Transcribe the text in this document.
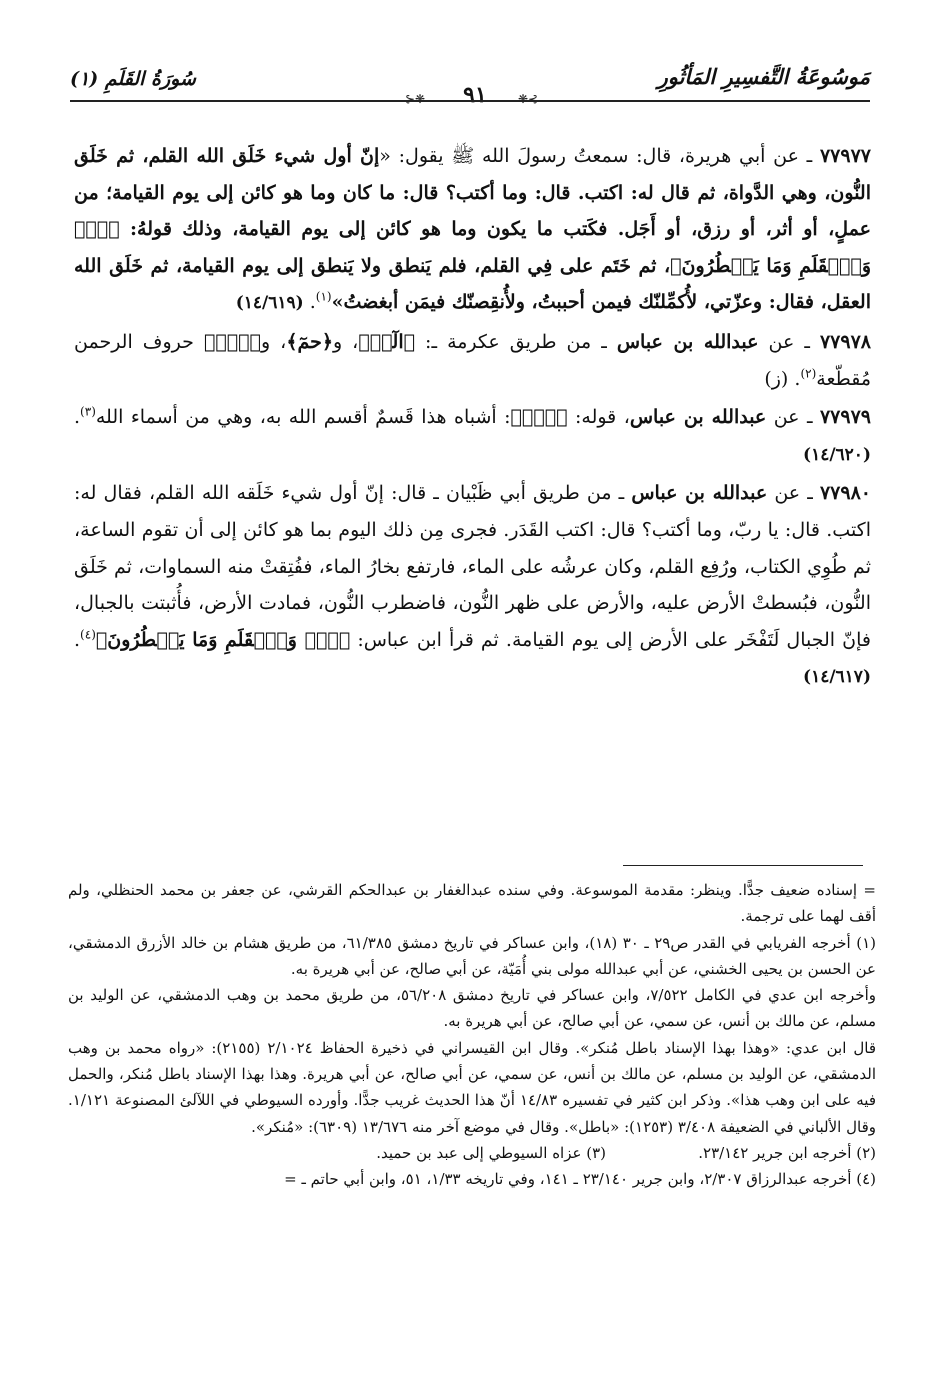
مَوسُوعَةُ التَّفسِيرِ المَأثُورِ
⊱❋	٩١	❋⊰
سُورَةُ القَلَمِ (١)

٧٧٩٧٧ ـ عن أبي هريرة، قال: سمعتُ رسولَ الله ﷺ يقول: «إنّ أول شيء خَلَق الله القلم، ثم خَلَق النُّون، وهي الدَّواة، ثم قال له: اكتب. قال: وما أكتب؟ قال: ما كان وما هو كائن إلى يوم القيامة؛ من عملٍ، أو أثر، أو رزق، أو أَجَل. فكَتب ما يكون وما هو كائن إلى يوم القيامة، وذلك قولهُ: ﴿نٓۚ وَٱلۡقَلَمِ وَمَا يَسۡطُرُونَ﴾، ثم خَتَم على فِي القلم، فلم يَنطق ولا يَنطق إلى يوم القيامة، ثم خَلَق الله العقل، فقال: وعزّتي، لأُكمِّلنّك فيمن أحببتُ، ولأُنقِصنّك فيمَن أبغضتُ»$^{(١)}$. (١٤/٦١٩)

٧٧٩٧٨ ـ عن عبدالله بن عباس ـ من طريق عكرمة ـ: ﴿الٓرۚ﴾، و﴿حمٓ﴾، و﴿نٓۚ﴾ حروف الرحمن مُقطّعة$^{(٢)}$. (ز)

٧٧٩٧٩ ـ عن عبدالله بن عباس، قوله: ﴿نٓۚ﴾: أشباه هذا قَسمٌ أقسم الله به، وهي من أسماء الله$^{(٣)}$. (١٤/٦٢٠)

٧٧٩٨٠ ـ عن عبدالله بن عباس ـ من طريق أبي ظَبْيان ـ قال: إنّ أول شيء خَلَقه الله القلم، فقال له: اكتب. قال: يا ربّ، وما أكتب؟ قال: اكتب القَدَر. فجرى مِن ذلك اليوم بما هو كائن إلى أن تقوم الساعة، ثم طُوِي الكتاب، ورُفِع القلم، وكان عرشُه على الماء، فارتفع بخارُ الماء، ففُتِقتْ منه السماوات، ثم خَلَق النُّون، فبُسطتْ الأرض عليه، والأرض على ظهر النُّون، فاضطرب النُّون، فمادت الأرض، فأُثبتت بالجبال، فإنّ الجبال لَتَفْخَر على الأرض إلى يوم القيامة. ثم قرأ ابن عباس: ﴿نٓۚ وَٱلۡقَلَمِ وَمَا يَسۡطُرُونَ﴾$^{(٤)}$. (١٤/٦١٧)

= إسناده ضعيف جدًّا. وينظر: مقدمة الموسوعة. وفي سنده عبدالغفار بن عبدالحكم القرشي، عن جعفر بن محمد الحنظلي، ولم أقف لهما على ترجمة.

(١) أخرجه الفريابي في القدر ص٢٩ ـ ٣٠ (١٨)، وابن عساكر في تاريخ دمشق ٦١/٣٨٥، من طريق هشام بن خالد الأزرق الدمشقي، عن الحسن بن يحيى الخشني، عن أبي عبدالله مولى بني أُمَيّة، عن أبي صالح، عن أبي هريرة به.

وأخرجه ابن عدي في الكامل ٧/٥٢٢، وابن عساكر في تاريخ دمشق ٥٦/٢٠٨، من طريق محمد بن وهب الدمشقي، عن الوليد بن مسلم، عن مالك بن أنس، عن سمي، عن أبي صالح، عن أبي هريرة به.

قال ابن عدي: «وهذا بهذا الإسناد باطل مُنكر». وقال ابن القيسراني في ذخيرة الحفاظ ٢/١٠٢٤ (٢١٥٥): «رواه محمد بن وهب الدمشقي، عن الوليد بن مسلم، عن مالك بن أنس، عن سمي، عن أبي صالح، عن أبي هريرة. وهذا بهذا الإسناد باطل مُنكر، والحمل فيه على ابن وهب هذا». وذكر ابن كثير في تفسيره ١٤/٨٣ أنّ هذا الحديث غريب جدًّا. وأورده السيوطي في اللآلئ المصنوعة ١/١٢١. وقال الألباني في الضعيفة ٣/٤٠٨ (١٢٥٣): «باطل». وقال في موضع آخر منه ١٣/٦٧٦ (٦٣٠٩): «مُنكر».

(٢) أخرجه ابن جرير ٢٣/١٤٢.
(٣) عزاه السيوطي إلى عبد بن حميد.

(٤) أخرجه عبدالرزاق ٢/٣٠٧، وابن جرير ٢٣/١٤٠ ـ ١٤١، وفي تاريخه ١/٣٣، ٥١، وابن أبي حاتم ـ =
